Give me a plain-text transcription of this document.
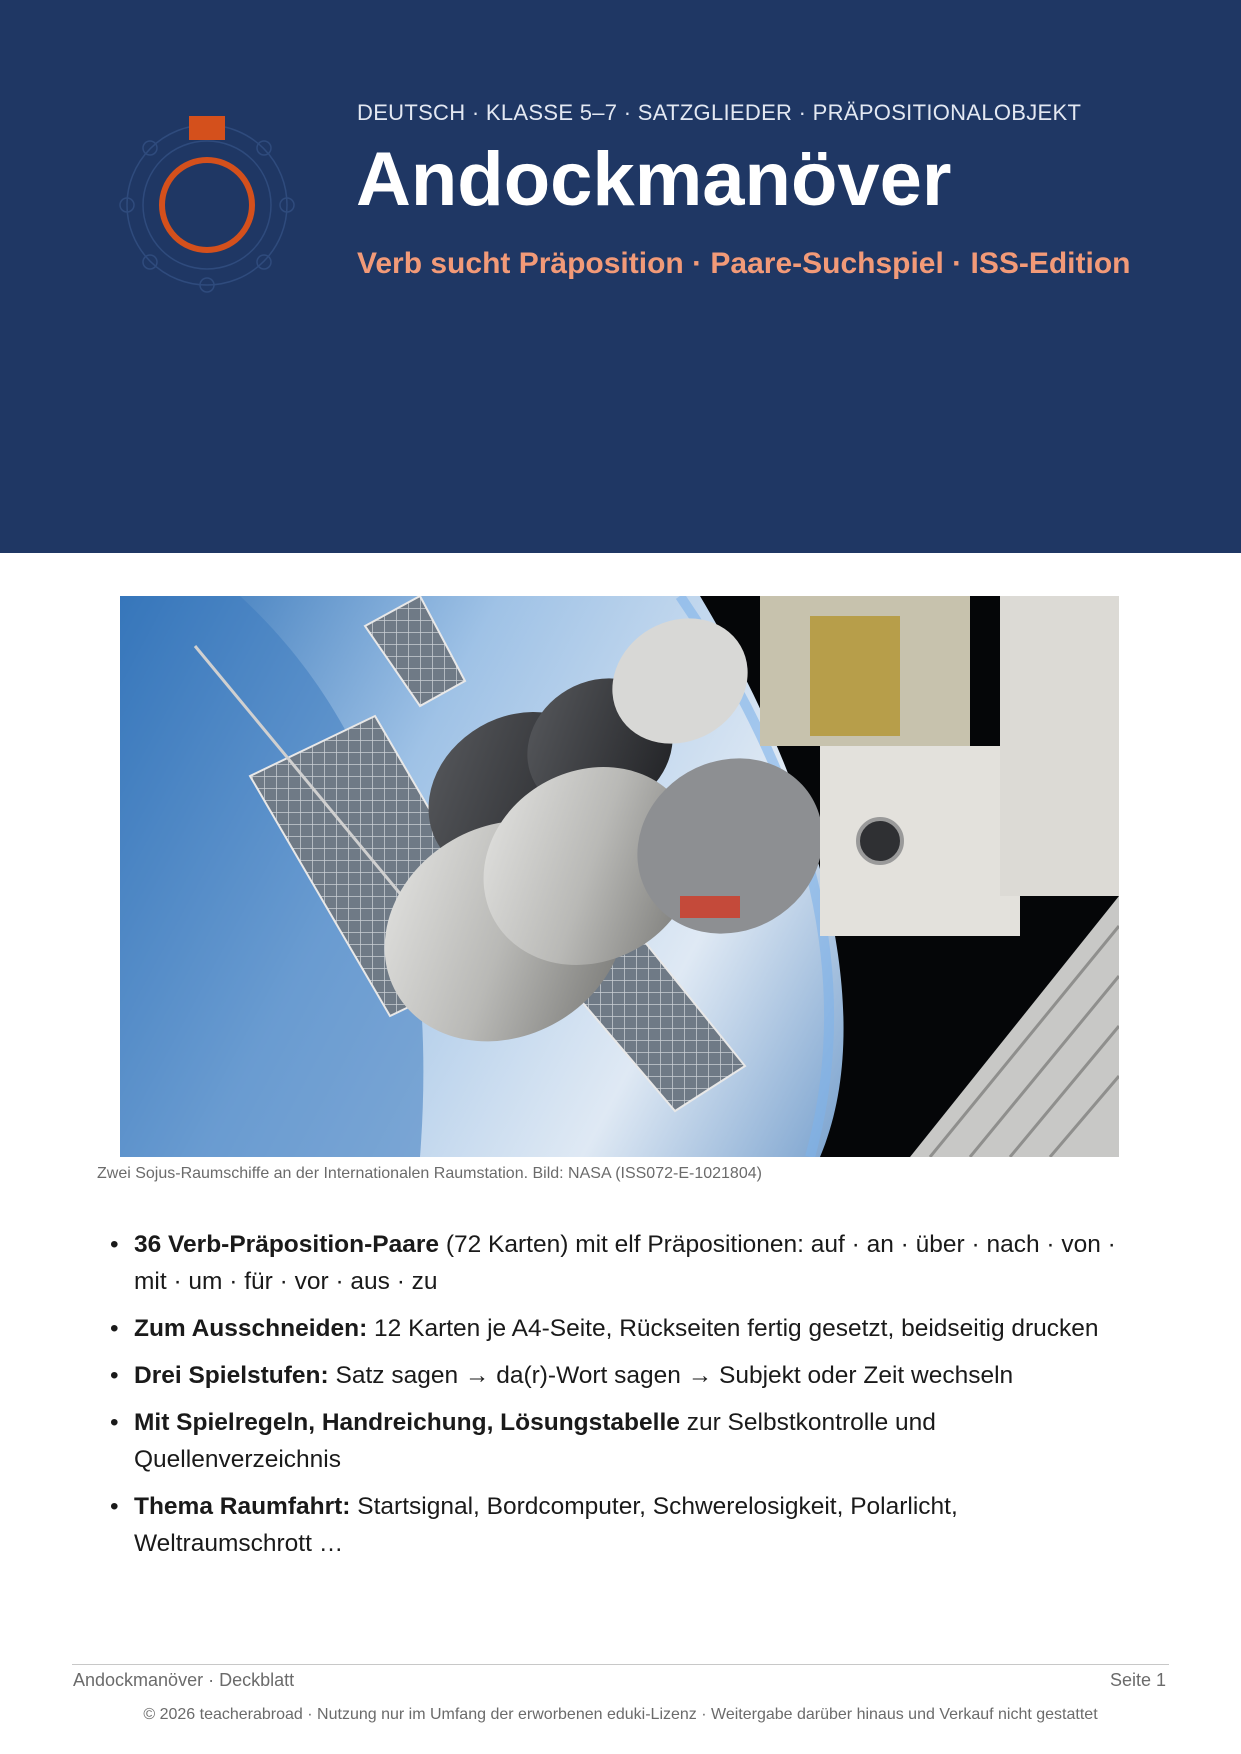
DEUTSCH · KLASSE 5–7 · SATZGLIEDER · PRÄPOSITIONALOBJEKT
Andockmanöver
Verb sucht Präposition · Paare-Suchspiel · ISS-Edition
Zwei Sojus-Raumschiffe an der Internationalen Raumstation. Bild: NASA (ISS072-E-1021804)
• 36 Verb-Präposition-Paare (72 Karten) mit elf Präpositionen: auf · an · über · nach · von · mit · um · für · vor · aus · zu
• Zum Ausschneiden: 12 Karten je A4-Seite, Rückseiten fertig gesetzt, beidseitig drucken
• Drei Spielstufen: Satz sagen → da(r)-Wort sagen → Subjekt oder Zeit wechseln
• Mit Spielregeln, Handreichung, Lösungstabelle zur Selbstkontrolle und Quellenverzeichnis
• Thema Raumfahrt: Startsignal, Bordcomputer, Schwerelosigkeit, Polarlicht, Weltraumschrott …
Andockmanöver · Deckblatt	Seite 1
© 2026 teacherabroad · Nutzung nur im Umfang der erworbenen eduki-Lizenz · Weitergabe darüber hinaus und Verkauf nicht gestattet
